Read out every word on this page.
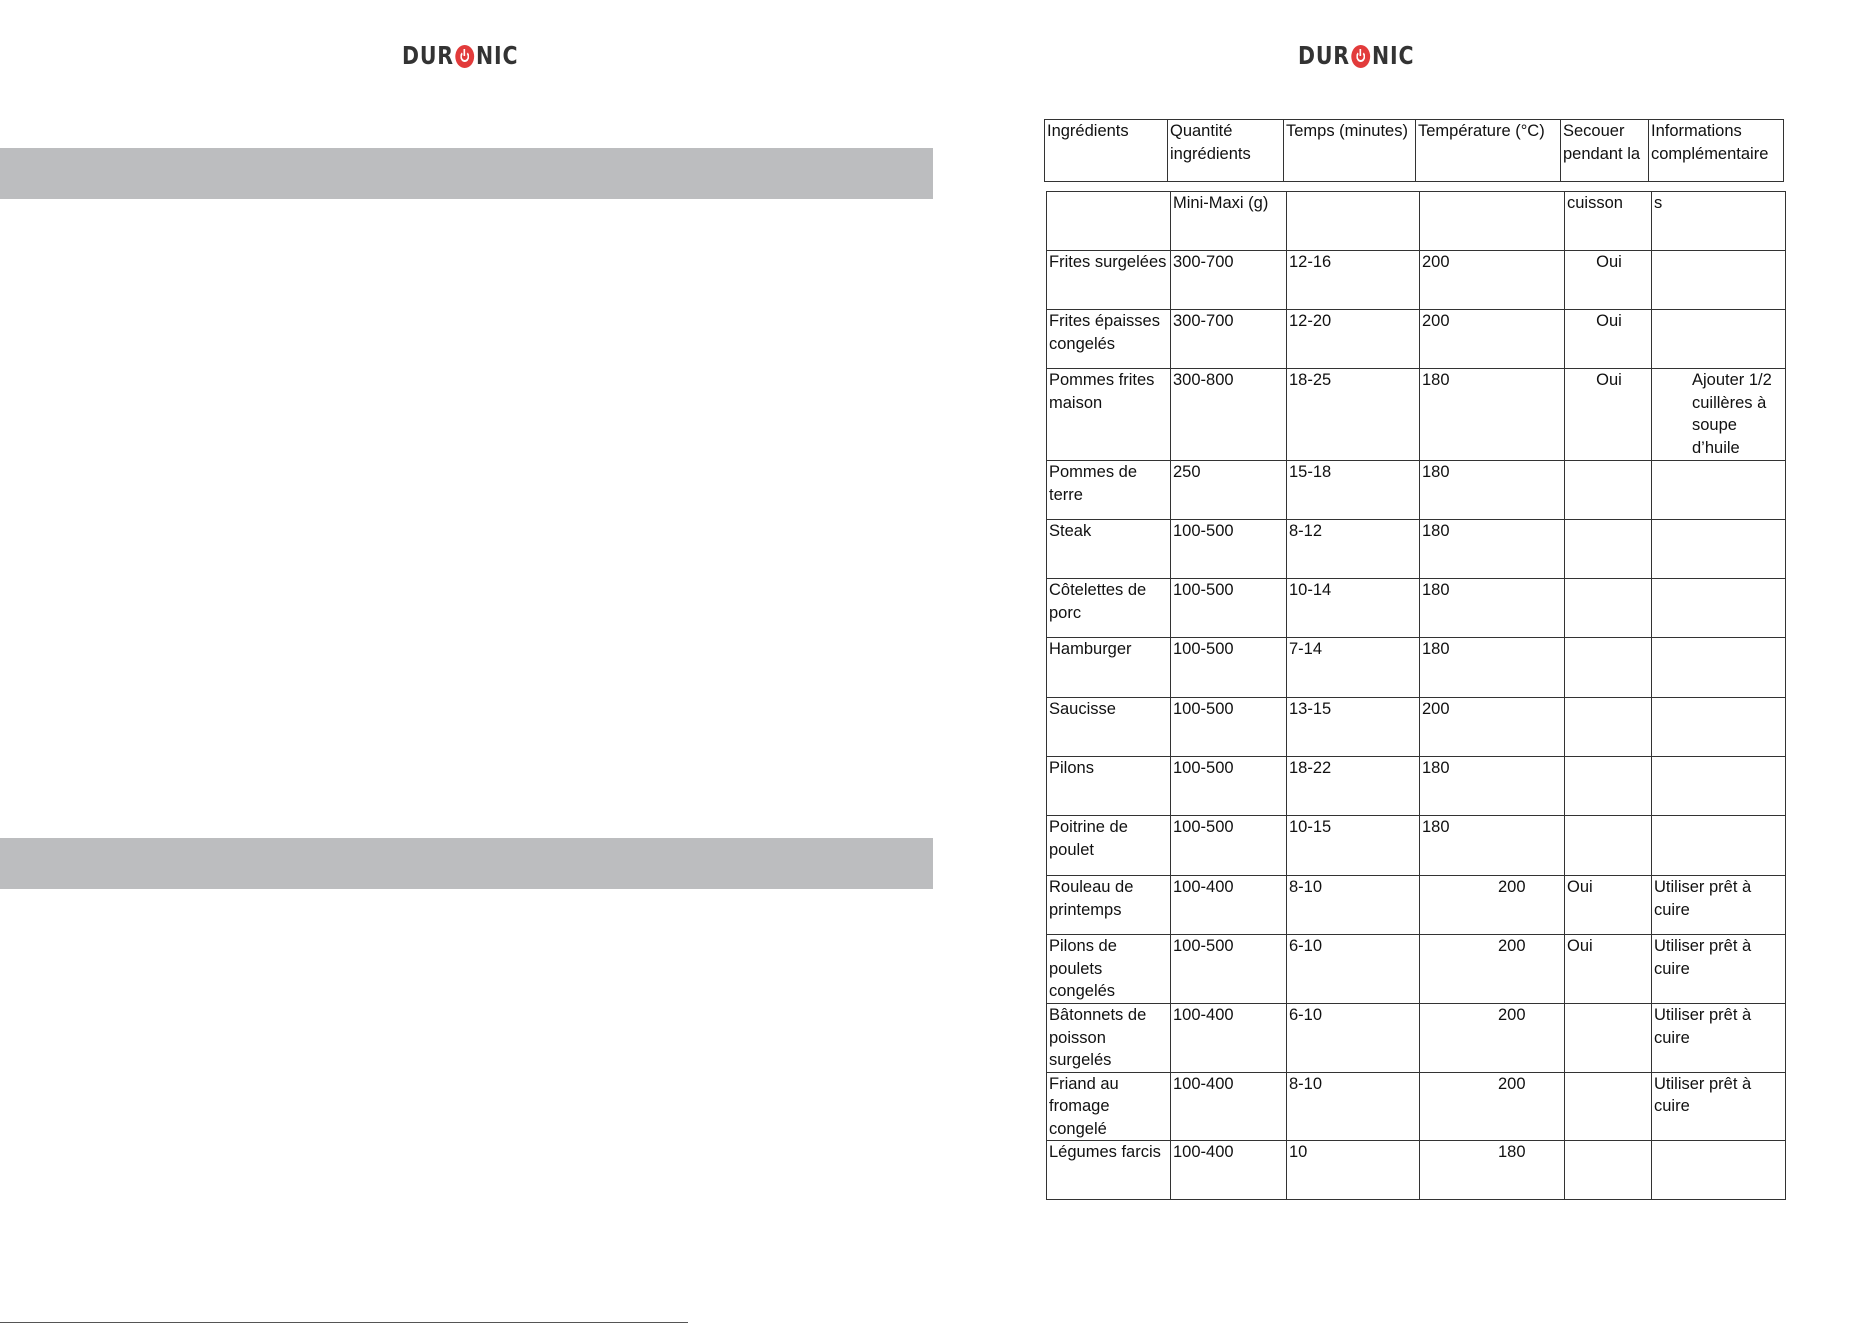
DUR NIC	DUR NIC
Ingrédients	Quantité ingrédients	Temps (minutes)	Température (°C)	Secouer pendant la	Informations complémentaire
	Mini-Maxi (g)			cuisson	s
Frites surgelées	300-700	12-16	200	Oui	
Frites épaisses congelés	300-700	12-20	200	Oui	
Pommes frites maison	300-800	18-25	180	Oui	Ajouter 1/2 cuillères à soupe d’huile
Pommes de terre	250	15-18	180		
Steak	100-500	8-12	180		
Côtelettes de porc	100-500	10-14	180		
Hamburger	100-500	7-14	180		
Saucisse	100-500	13-15	200		
Pilons	100-500	18-22	180		
Poitrine de poulet	100-500	10-15	180		
Rouleau de printemps	100-400	8-10	200	Oui	Utiliser prêt à cuire
Pilons de poulets congelés	100-500	6-10	200	Oui	Utiliser prêt à cuire
Bâtonnets de poisson surgelés	100-400	6-10	200		Utiliser prêt à cuire
Friand au fromage congelé	100-400	8-10	200		Utiliser prêt à cuire
Légumes farcis	100-400	10	180		
